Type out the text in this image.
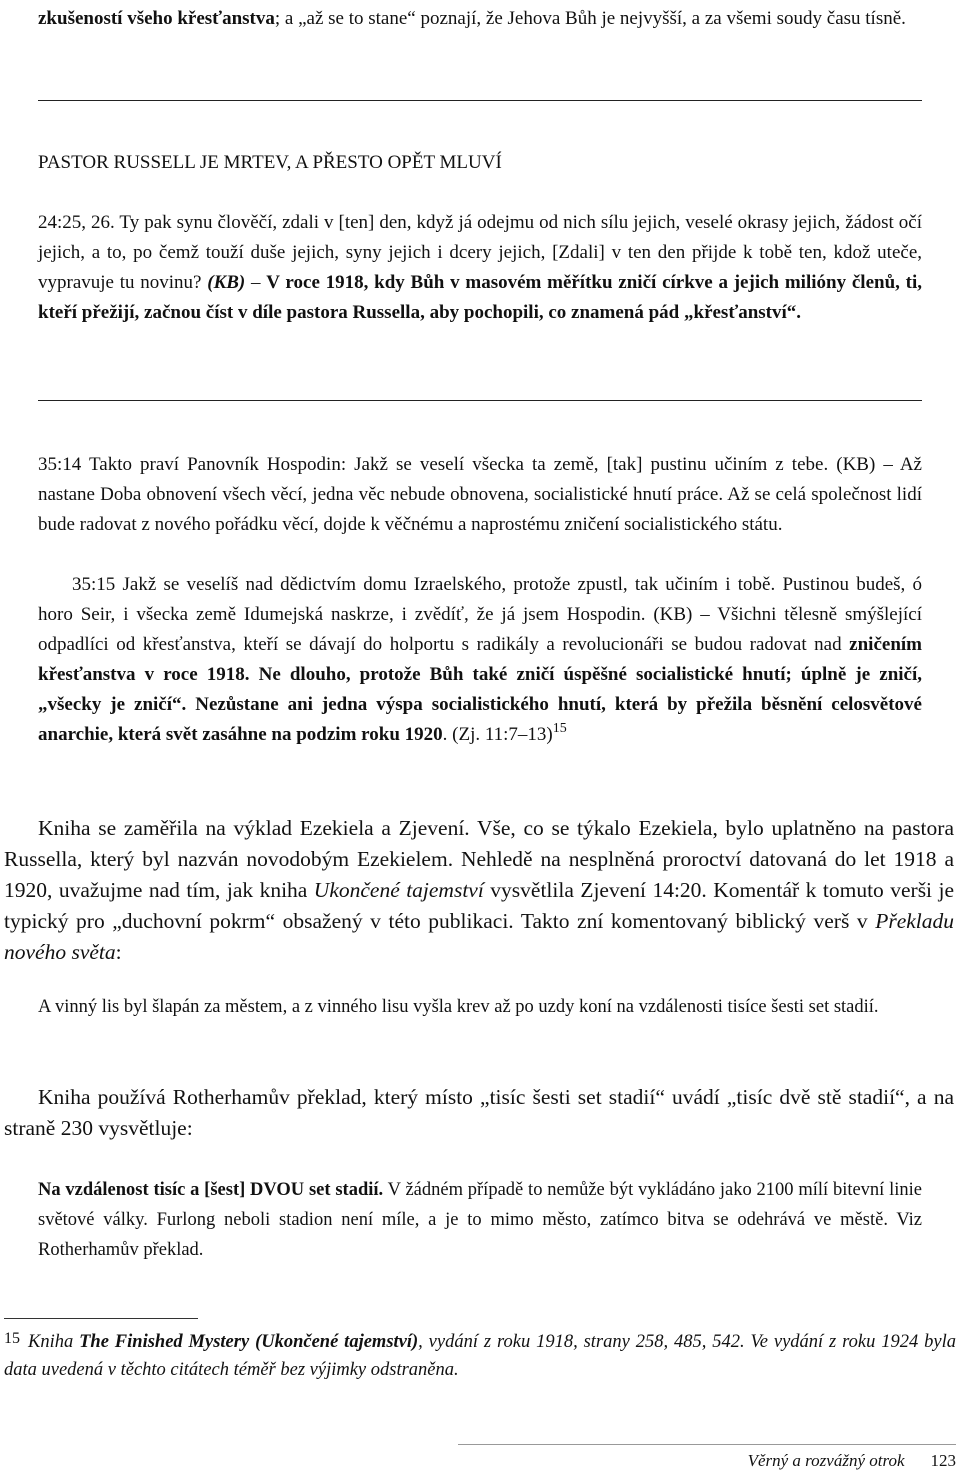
zkušeností všeho křesťanstva; a „až se to stane“ poznají, že Jehova Bůh je nejvyšší, a za všemi soudy času tísně.

PASTOR RUSSELL JE MRTEV, A PŘESTO OPĚT MLUVÍ

24:25, 26. Ty pak synu člověčí, zdali v [ten] den, když já odejmu od nich sílu jejich, veselé okrasy jejich, žádost očí jejich, a to, po čemž touží duše jejich, syny jejich i dcery jejich, [Zdali] v ten den přijde k tobě ten, kdož uteče, vypravuje tu novinu? (KB) – V roce 1918, kdy Bůh v masovém měřítku zničí církve a jejich milióny členů, ti, kteří přežijí, začnou číst v díle pastora Russella, aby pochopili, co znamená pád „křesťanství“.

35:14 Takto praví Panovník Hospodin: Jakž se veselí všecka ta země, [tak] pustinu učiním z tebe. (KB) – Až nastane Doba obnovení všech věcí, jedna věc nebude obnovena, socialistické hnutí práce. Až se celá společnost lidí bude radovat z nového pořádku věcí, dojde k věčnému a naprostému zničení socialistického státu.

35:15 Jakž se veselíš nad dědictvím domu Izraelského, protože zpustl, tak učiním i tobě. Pustinou budeš, ó horo Seir, i všecka země Idumejská naskrze, i zvědíť, že já jsem Hospodin. (KB) – Všichni tělesně smýšlející odpadlíci od křesťanstva, kteří se dávají do holportu s radikály a revolucionáři se budou radovat nad zničením křesťanstva v roce 1918. Ne dlouho, protože Bůh také zničí úspěšné socialistické hnutí; úplně je zničí, „všecky je zničí“. Nezůstane ani jedna výspa socialistického hnutí, která by přežila běsnění celosvětové anarchie, která svět zasáhne na podzim roku 1920. (Zj. 11:7–13)$^{15}$

Kniha se zaměřila na výklad Ezekiela a Zjevení. Vše, co se týkalo Ezekiela, bylo uplatněno na pastora Russella, který byl nazván novodobým Ezekielem. Nehledě na nesplněná proroctví datovaná do let 1918 a 1920, uvažujme nad tím, jak kniha Ukončené tajemství vysvětlila Zjevení 14:20. Komentář k tomuto verši je typický pro „duchovní pokrm“ obsažený v této publikaci. Takto zní komentovaný biblický verš v Překladu nového světa:

A vinný lis byl šlapán za městem, a z vinného lisu vyšla krev až po uzdy koní na vzdálenosti tisíce šesti set stadií.

Kniha používá Rotherhamův překlad, který místo „tisíc šesti set stadií“ uvádí „tisíc dvě stě stadií“, a na straně 230 vysvětluje:

Na vzdálenost tisíc a [šest] DVOU set stadií. V žádném případě to nemůže být vykládáno jako 2100 mílí bitevní linie světové války. Furlong neboli stadion není míle, a je to mimo město, zatímco bitva se odehrává ve městě. Viz Rotherhamův překlad.

15 Kniha The Finished Mystery (Ukončené tajemství), vydání z roku 1918, strany 258, 485, 542. Ve vydání z roku 1924 byla data uvedená v těchto citátech téměř bez výjimky odstraněna.

Věrný a rozvážný otrok 123
